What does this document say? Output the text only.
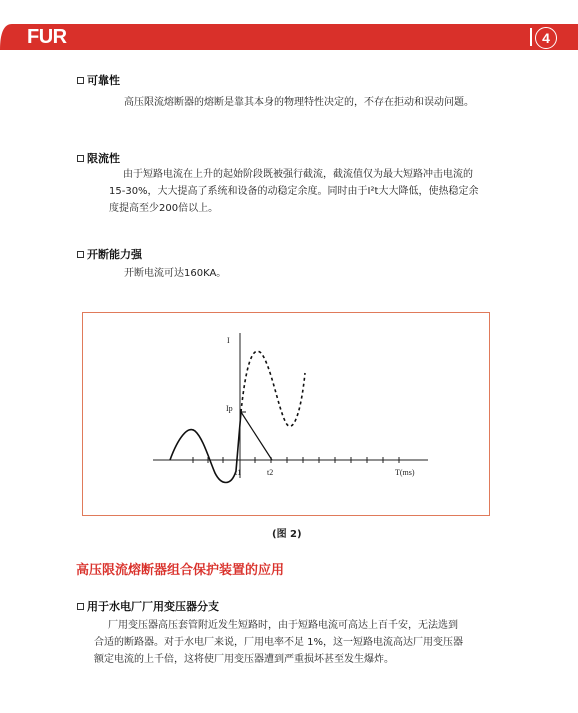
FUR	4
可靠性
高压限流熔断器的熔断是靠其本身的物理特性决定的，不存在拒动和误动问题。
限流性
由于短路电流在上升的起始阶段既被强行截流，截流值仅为最大短路冲击电流的
15-30%，大大提高了系统和设备的动稳定余度。同时由于I²t大大降低，使热稳定余
度提高至少200倍以上。
开断能力强
开断电流可达160KA。
I
Ip
T(ms)
t1	t2
(图 2)
高压限流熔断器组合保护装置的应用
用于水电厂厂用变压器分支
厂用变压器高压套管附近发生短路时，由于短路电流可高达上百千安，无法选到
合适的断路器。对于水电厂来说，厂用电率不足 1%，这一短路电流高达厂用变压器
额定电流的上千倍，这将使厂用变压器遭到严重损坏甚至发生爆炸。
